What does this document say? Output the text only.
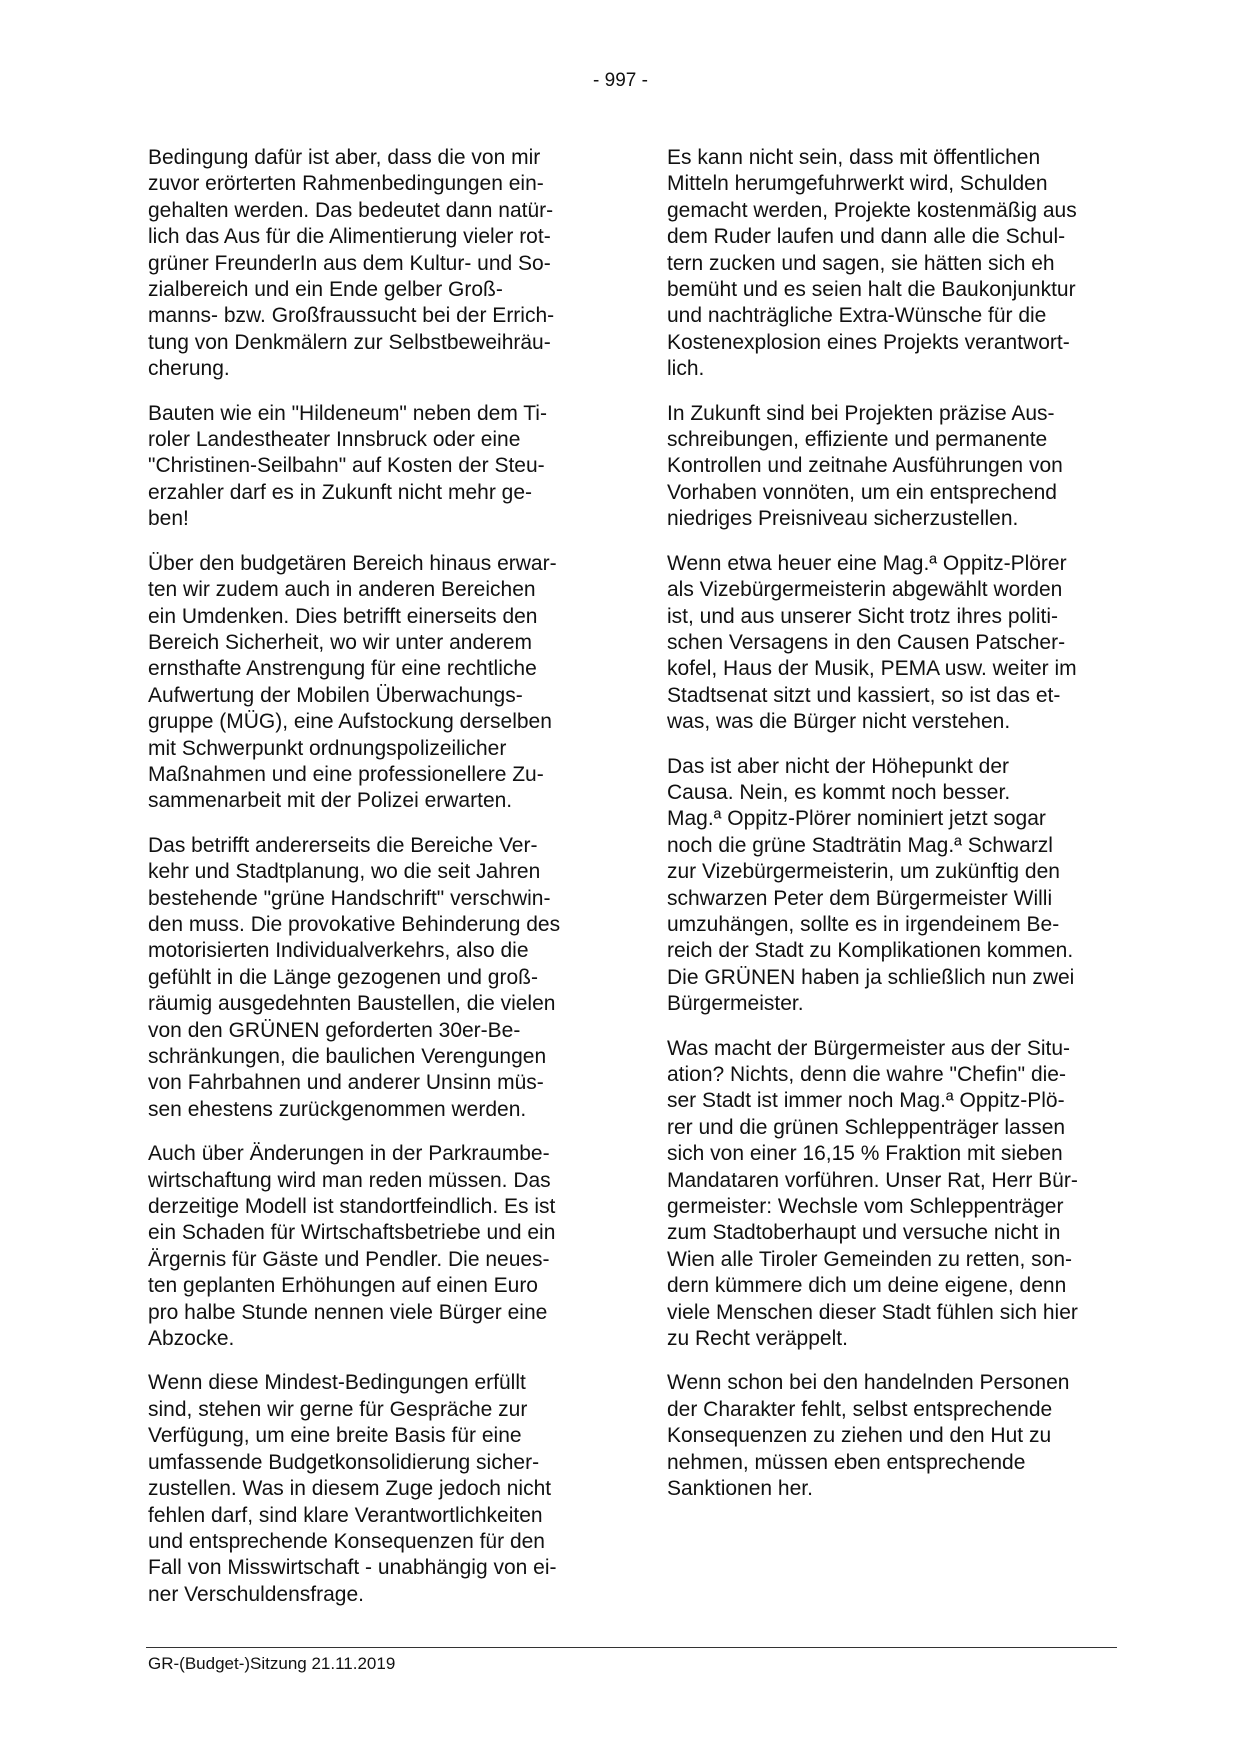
- 997 -

Bedingung dafür ist aber, dass die von mir
zuvor erörterten Rahmenbedingungen ein-
gehalten werden. Das bedeutet dann natür-
lich das Aus für die Alimentierung vieler rot-
grüner FreunderIn aus dem Kultur- und So-
zialbereich und ein Ende gelber Groß-
manns- bzw. Großfraussucht bei der Errich-
tung von Denkmälern zur Selbstbeweihräu-
cherung.

Bauten wie ein "Hildeneum" neben dem Ti-
roler Landestheater Innsbruck oder eine
"Christinen-Seilbahn" auf Kosten der Steu-
erzahler darf es in Zukunft nicht mehr ge-
ben!

Über den budgetären Bereich hinaus erwar-
ten wir zudem auch in anderen Bereichen
ein Umdenken. Dies betrifft einerseits den
Bereich Sicherheit, wo wir unter anderem
ernsthafte Anstrengung für eine rechtliche
Aufwertung der Mobilen Überwachungs-
gruppe (MÜG), eine Aufstockung derselben
mit Schwerpunkt ordnungspolizeilicher
Maßnahmen und eine professionellere Zu-
sammenarbeit mit der Polizei erwarten.

Das betrifft andererseits die Bereiche Ver-
kehr und Stadtplanung, wo die seit Jahren
bestehende "grüne Handschrift" verschwin-
den muss. Die provokative Behinderung des
motorisierten Individualverkehrs, also die
gefühlt in die Länge gezogenen und groß-
räumig ausgedehnten Baustellen, die vielen
von den GRÜNEN geforderten 30er-Be-
schränkungen, die baulichen Verengungen
von Fahrbahnen und anderer Unsinn müs-
sen ehestens zurückgenommen werden.

Auch über Änderungen in der Parkraumbe-
wirtschaftung wird man reden müssen. Das
derzeitige Modell ist standortfeindlich. Es ist
ein Schaden für Wirtschaftsbetriebe und ein
Ärgernis für Gäste und Pendler. Die neues-
ten geplanten Erhöhungen auf einen Euro
pro halbe Stunde nennen viele Bürger eine
Abzocke.

Wenn diese Mindest-Bedingungen erfüllt
sind, stehen wir gerne für Gespräche zur
Verfügung, um eine breite Basis für eine
umfassende Budgetkonsolidierung sicher-
zustellen. Was in diesem Zuge jedoch nicht
fehlen darf, sind klare Verantwortlichkeiten
und entsprechende Konsequenzen für den
Fall von Misswirtschaft - unabhängig von ei-
ner Verschuldensfrage.

Es kann nicht sein, dass mit öffentlichen
Mitteln herumgefuhrwerkt wird, Schulden
gemacht werden, Projekte kostenmäßig aus
dem Ruder laufen und dann alle die Schul-
tern zucken und sagen, sie hätten sich eh
bemüht und es seien halt die Baukonjunktur
und nachträgliche Extra-Wünsche für die
Kostenexplosion eines Projekts verantwort-
lich.

In Zukunft sind bei Projekten präzise Aus-
schreibungen, effiziente und permanente
Kontrollen und zeitnahe Ausführungen von
Vorhaben vonnöten, um ein entsprechend
niedriges Preisniveau sicherzustellen.

Wenn etwa heuer eine Mag.ª Oppitz-Plörer
als Vizebürgermeisterin abgewählt worden
ist, und aus unserer Sicht trotz ihres politi-
schen Versagens in den Causen Patscher-
kofel, Haus der Musik, PEMA usw. weiter im
Stadtsenat sitzt und kassiert, so ist das et-
was, was die Bürger nicht verstehen.

Das ist aber nicht der Höhepunkt der
Causa. Nein, es kommt noch besser.
Mag.ª Oppitz-Plörer nominiert jetzt sogar
noch die grüne Stadträtin Mag.ª Schwarzl
zur Vizebürgermeisterin, um zukünftig den
schwarzen Peter dem Bürgermeister Willi
umzuhängen, sollte es in irgendeinem Be-
reich der Stadt zu Komplikationen kommen.
Die GRÜNEN haben ja schließlich nun zwei
Bürgermeister.

Was macht der Bürgermeister aus der Situ-
ation? Nichts, denn die wahre "Chefin" die-
ser Stadt ist immer noch Mag.ª Oppitz-Plö-
rer und die grünen Schleppenträger lassen
sich von einer 16,15 % Fraktion mit sieben
Mandataren vorführen. Unser Rat, Herr Bür-
germeister: Wechsle vom Schleppenträger
zum Stadtoberhaupt und versuche nicht in
Wien alle Tiroler Gemeinden zu retten, son-
dern kümmere dich um deine eigene, denn
viele Menschen dieser Stadt fühlen sich hier
zu Recht veräppelt.

Wenn schon bei den handelnden Personen
der Charakter fehlt, selbst entsprechende
Konsequenzen zu ziehen und den Hut zu
nehmen, müssen eben entsprechende
Sanktionen her.

GR-(Budget-)Sitzung 21.11.2019
